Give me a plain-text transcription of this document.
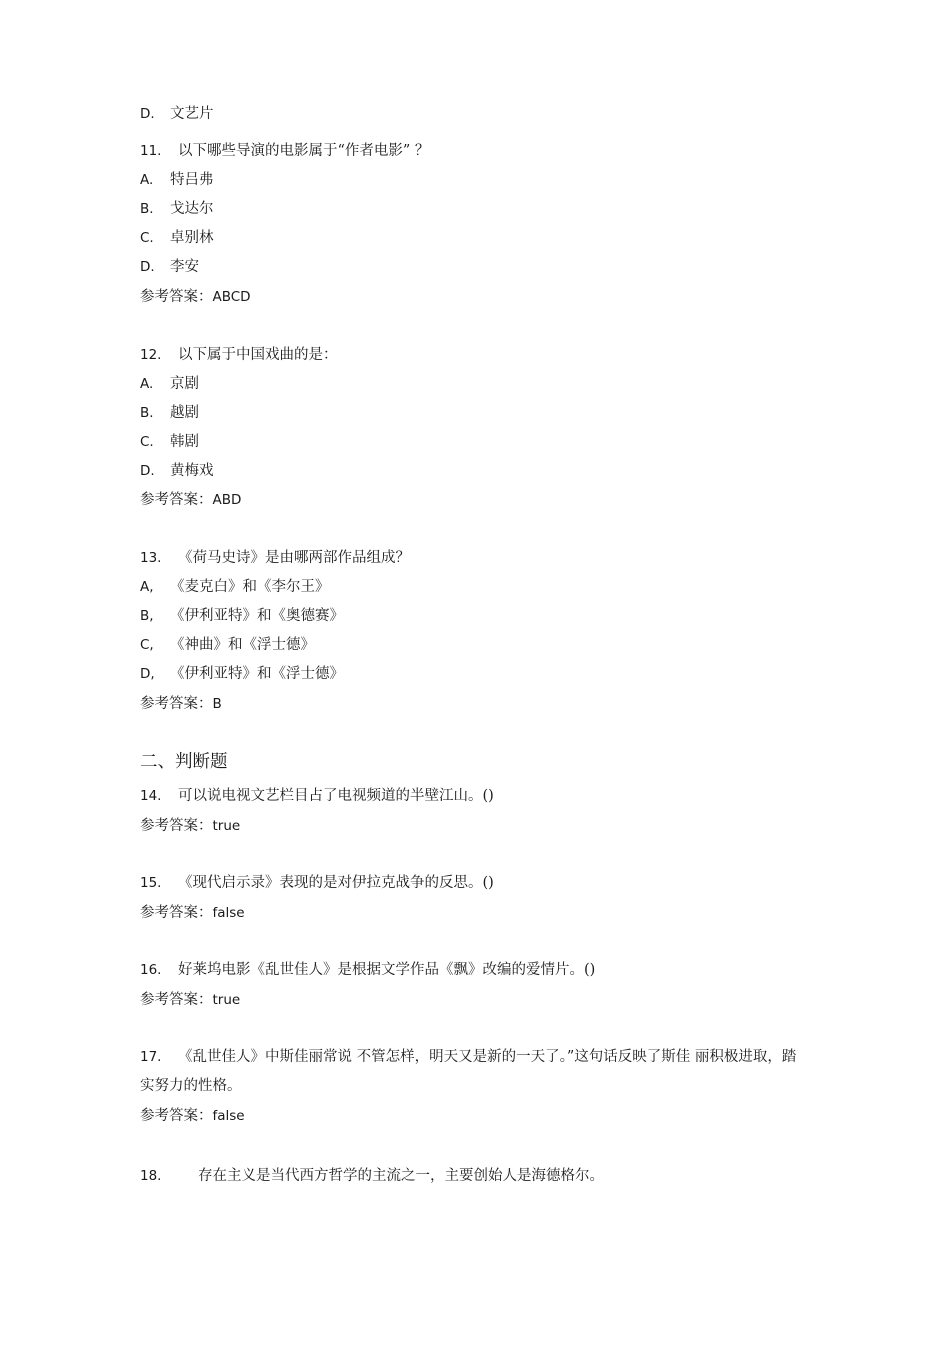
D. 文艺片
11. 以下哪些导演的电影属于“作者电影” ？
A. 特吕弗
B. 戈达尔
C. 卓别林
D. 李安
参考答案：ABCD
12. 以下属于中国戏曲的是：
A. 京剧
B. 越剧
C. 韩剧
D. 黄梅戏
参考答案：ABD
13. 《荷马史诗》是由哪两部作品组成？
A, 《麦克白》和《李尔王》
B, 《伊利亚特》和《奥德赛》
C, 《神曲》和《浮士德》
D, 《伊利亚特》和《浮士德》
参考答案：B
二、判断题
14. 可以说电视文艺栏目占了电视频道的半壁江山。()
参考答案：true
15. 《现代启示录》表现的是对伊拉克战争的反思。()
参考答案：false
16. 好莱坞电影《乱世佳人》是根据文学作品《飘》改编的爱情片。()
参考答案：true
17. 《乱世佳人》中斯佳丽常说 不管怎样，明天又是新的一天了。”这句话反映了斯佳 丽积极进取，踏实努力的性格。
参考答案：false
18.	存在主义是当代西方哲学的主流之一，主要创始人是海德格尔。
